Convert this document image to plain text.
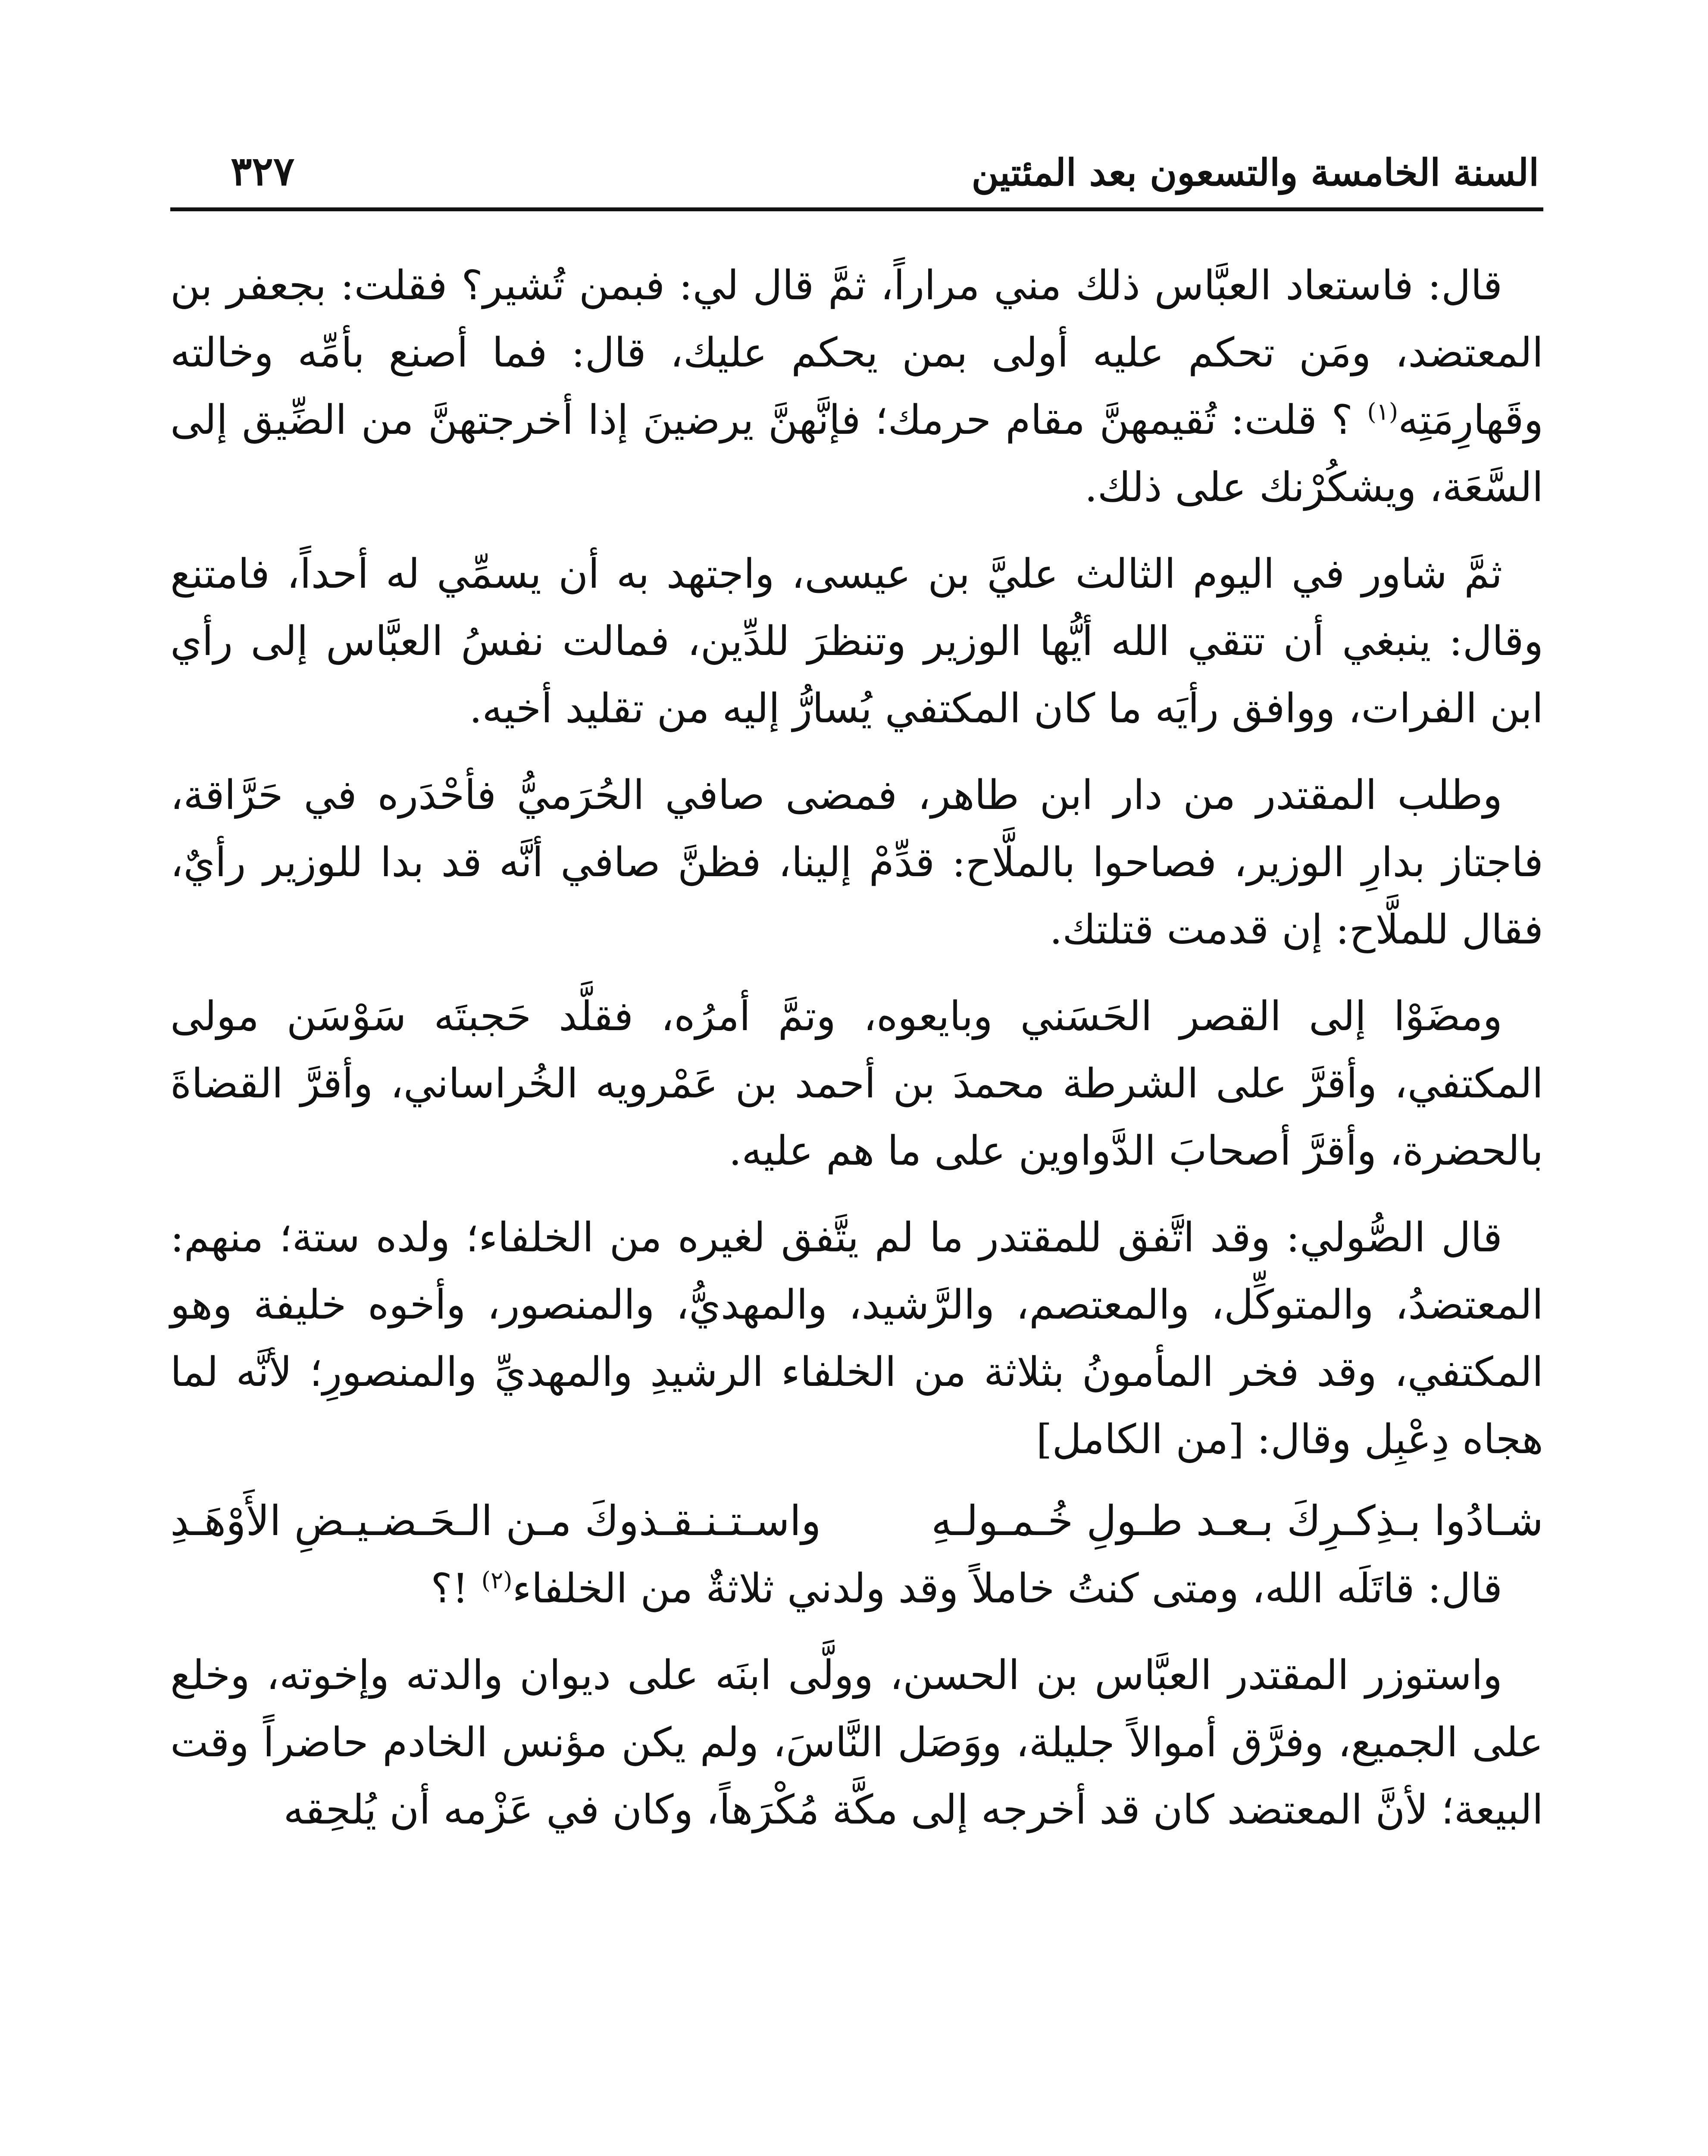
السنة الخامسة والتسعون بعد المئتين
٣٢٧

قال: فاستعاد العبَّاس ذلك مني مراراً، ثمَّ قال لي: فبمن تُشير؟ فقلت: بجعفر بن المعتضد، ومَن تحكم عليه أولى بمن يحكم عليك، قال: فما أصنع بأمِّه وخالته وقَهارِمَتِه$^{(١)}$ ؟ قلت: تُقيمهنَّ مقام حرمك؛ فإنَّهنَّ يرضينَ إذا أخرجتهنَّ من الضِّيق إلى السَّعَة، ويشكُرْنك على ذلك.

ثمَّ شاور في اليوم الثالث عليَّ بن عيسى، واجتهد به أن يسمِّي له أحداً، فامتنع وقال: ينبغي أن تتقي الله أيُّها الوزير وتنظرَ للدِّين، فمالت نفسُ العبَّاس إلى رأي ابن الفرات، ووافق رأيَه ما كان المكتفي يُسارُّ إليه من تقليد أخيه.

وطلب المقتدر من دار ابن طاهر، فمضى صافي الحُرَميُّ فأحْدَره في حَرَّاقة، فاجتاز بدارِ الوزير، فصاحوا بالملَّاح: قدِّمْ إلينا، فظنَّ صافي أنَّه قد بدا للوزير رأيٌ، فقال للملَّاح: إن قدمت قتلتك.

ومضَوْا إلى القصر الحَسَني وبايعوه، وتمَّ أمرُه، فقلَّد حَجبتَه سَوْسَن مولى المكتفي، وأقرَّ على الشرطة محمدَ بن أحمد بن عَمْرويه الخُراساني، وأقرَّ القضاةَ بالحضرة، وأقرَّ أصحابَ الدَّواوين على ما هم عليه.

قال الصُّولي: وقد اتَّفق للمقتدر ما لم يتَّفق لغيره من الخلفاء؛ ولده ستة؛ منهم: المعتضدُ، والمتوكِّل، والمعتصم، والرَّشيد، والمهديُّ، والمنصور، وأخوه خليفة وهو المكتفي، وقد فخر المأمونُ بثلاثة من الخلفاء الرشيدِ والمهديِّ والمنصورِ؛ لأنَّه لما هجاه دِعْبِل وقال: [من الكامل]

شـادُوا بـذِكـرِكَ بـعـد طـولِ خُـمـولـهِ
واسـتـنـقـذوكَ مـن الـحَـضـيـضِ الأَوْهَـدِ

قال: قاتَلَه الله، ومتى كنتُ خاملاً وقد ولدني ثلاثةٌ من الخلفاء$^{(٢)}$ !؟

واستوزر المقتدر العبَّاس بن الحسن، وولَّى ابنَه على ديوان والدته وإخوته، وخلع على الجميع، وفرَّق أموالاً جليلة، ووَصَل النَّاسَ، ولم يكن مؤنس الخادم حاضراً وقت البيعة؛ لأنَّ المعتضد كان قد أخرجه إلى مكَّة مُكْرَهاً، وكان في عَزْمه أن يُلحِقه
